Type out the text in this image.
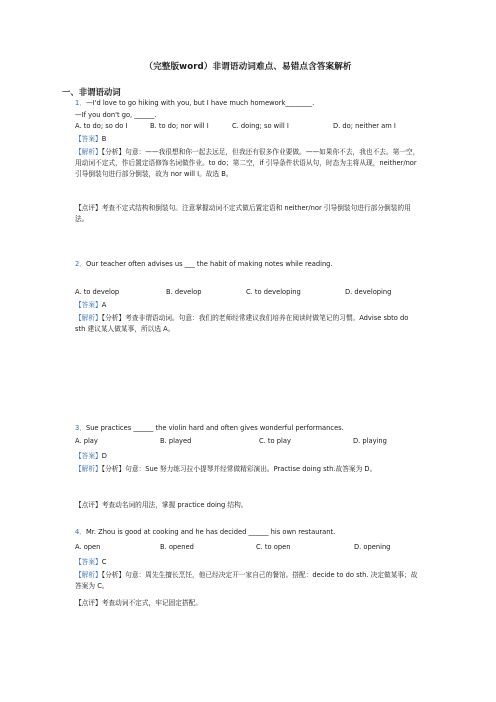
（完整版word）非谓语动词难点、易错点含答案解析
一、非谓语动词
1．—I'd love to go hiking with you, but I have much homework________.
—If you don't go, ______.
A. to do; so do I	B. to do; nor will I	C. doing; so will I	D. do; neither am I
【答案】B
【解析】【分析】句意：——我很想和你一起去远足，但我还有很多作业要做。——如果你不去，我也不去。第一空，用动词不定式，作后置定语修饰名词做作业。to do；第二空，if 引导条件状语从句，时态为主将从现，neither/nor 引导倒装句进行部分倒装，故为 nor will I。故选 B。
【点评】考查不定式结构和倒装句。注意掌握动词不定式做后置定语和 neither/nor 引导倒装句进行部分倒装的用法。
2．Our teacher often advises us ___ the habit of making notes while reading.
A. to develop	B. develop	C. to developing	D. developing
【答案】A
【解析】【分析】考查非谓语动词。句意：我们的老师经常建议我们培养在阅读时做笔记的习惯。Advise sbto do sth 建议某人做某事，所以选 A。
3．Sue practices ______ the violin hard and often gives wonderful performances.
A. play	B. played	C. to play	D. playing
【答案】D
【解析】【分析】句意：Sue 努力练习拉小提琴并经常做精彩演出。Practise doing sth.故答案为 D。
【点评】考查动名词的用法，掌握 practice doing 结构。
4．Mr. Zhou is good at cooking and he has decided ______ his own restaurant.
A. open	B. opened	C. to open	D. opening
【答案】C
【解析】【分析】句意：周先生擅长烹饪，他已经决定开一家自己的餐馆。搭配：decide to do sth. 决定做某事；故答案为 C。
【点评】考查动词不定式，牢记固定搭配。
